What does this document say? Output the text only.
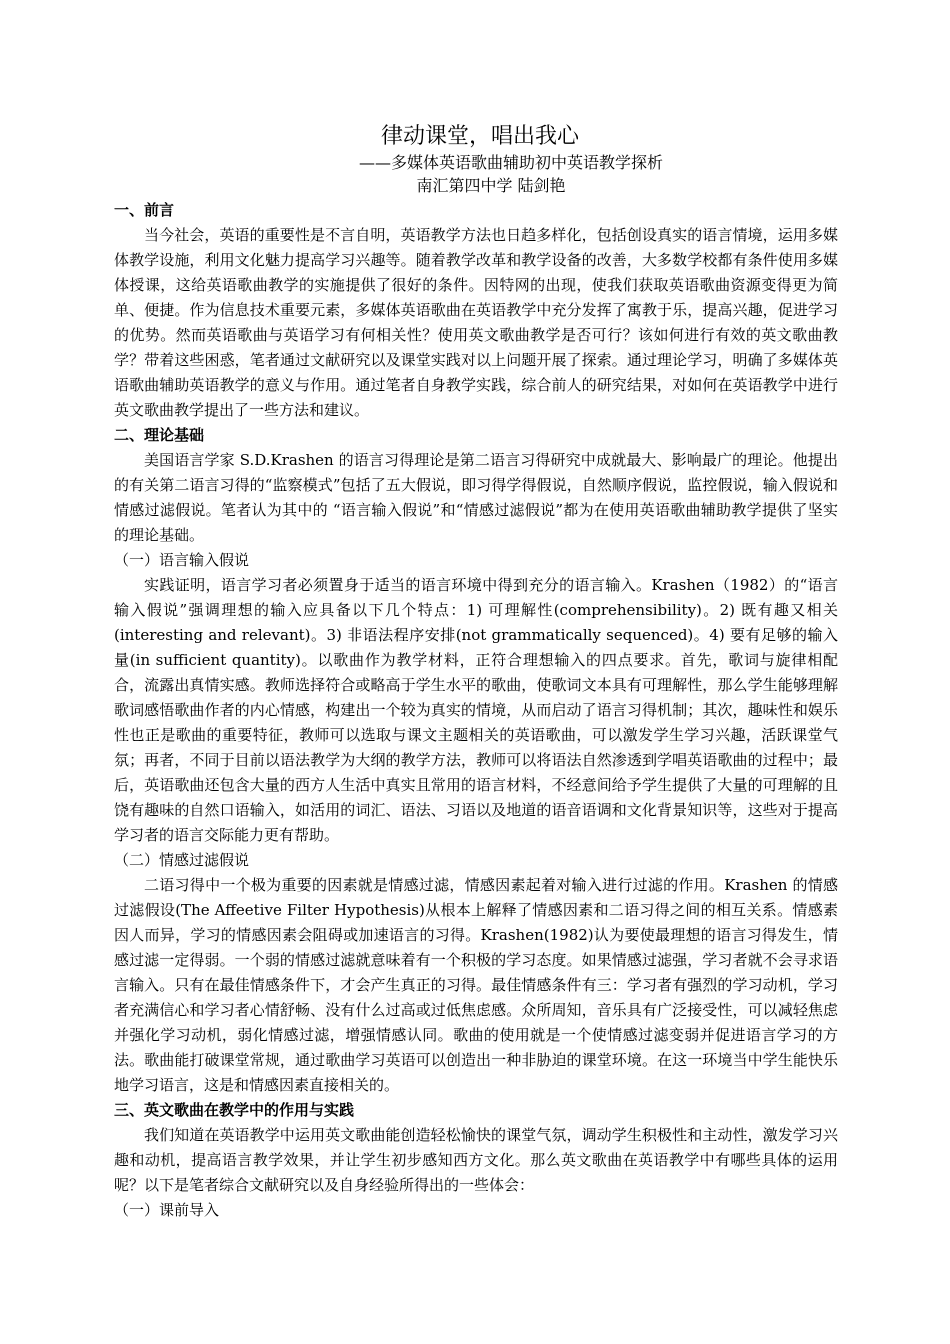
律动课堂，唱出我心

——多媒体英语歌曲辅助初中英语教学探析

南汇第四中学 陆剑艳

一、前言

当今社会，英语的重要性是不言自明，英语教学方法也日趋多样化，包括创设真实的语言情境，运用多媒体教学设施，利用文化魅力提高学习兴趣等。随着教学改革和教学设备的改善，大多数学校都有条件使用多媒体授课，这给英语歌曲教学的实施提供了很好的条件。因特网的出现，使我们获取英语歌曲资源变得更为简单、便捷。作为信息技术重要元素，多媒体英语歌曲在英语教学中充分发挥了寓教于乐，提高兴趣，促进学习的优势。然而英语歌曲与英语学习有何相关性？使用英文歌曲教学是否可行？该如何进行有效的英文歌曲教学？带着这些困惑，笔者通过文献研究以及课堂实践对以上问题开展了探索。通过理论学习，明确了多媒体英语歌曲辅助英语教学的意义与作用。通过笔者自身教学实践，综合前人的研究结果，对如何在英语教学中进行英文歌曲教学提出了一些方法和建议。

二、理论基础

美国语言学家 S.D.Krashen 的语言习得理论是第二语言习得研究中成就最大、影响最广的理论。他提出的有关第二语言习得的“监察模式”包括了五大假说，即习得学得假说，自然顺序假说，监控假说，输入假说和情感过滤假说。笔者认为其中的 “语言输入假说”和“情感过滤假说”都为在使用英语歌曲辅助教学提供了坚实的理论基础。

（一）语言输入假说

实践证明，语言学习者必须置身于适当的语言环境中得到充分的语言输入。Krashen（1982）的“语言输入假说”强调理想的输入应具备以下几个特点：1) 可理解性(comprehensibility)。2) 既有趣又相关(interesting and relevant)。3) 非语法程序安排(not grammatically sequenced)。4) 要有足够的输入量(in sufficient quantity)。以歌曲作为教学材料，正符合理想输入的四点要求。首先，歌词与旋律相配合，流露出真情实感。教师选择符合或略高于学生水平的歌曲，使歌词文本具有可理解性，那么学生能够理解歌词感悟歌曲作者的内心情感，构建出一个较为真实的情境，从而启动了语言习得机制；其次，趣味性和娱乐性也正是歌曲的重要特征，教师可以选取与课文主题相关的英语歌曲，可以激发学生学习兴趣，活跃课堂气氛；再者，不同于目前以语法教学为大纲的教学方法，教师可以将语法自然渗透到学唱英语歌曲的过程中；最后，英语歌曲还包含大量的西方人生活中真实且常用的语言材料，不经意间给予学生提供了大量的可理解的且饶有趣味的自然口语输入，如活用的词汇、语法、习语以及地道的语音语调和文化背景知识等，这些对于提高学习者的语言交际能力更有帮助。

（二）情感过滤假说

二语习得中一个极为重要的因素就是情感过滤，情感因素起着对输入进行过滤的作用。Krashen 的情感过滤假设(The Affeetive Filter Hypothesis)从根本上解释了情感因素和二语习得之间的相互关系。情感素因人而异，学习的情感因素会阻碍或加速语言的习得。Krashen(1982)认为要使最理想的语言习得发生，情感过滤一定得弱。一个弱的情感过滤就意味着有一个积极的学习态度。如果情感过滤强，学习者就不会寻求语言输入。只有在最佳情感条件下，才会产生真正的习得。最佳情感条件有三：学习者有强烈的学习动机，学习者充满信心和学习者心情舒畅、没有什么过高或过低焦虑感。众所周知，音乐具有广泛接受性，可以减轻焦虑并强化学习动机，弱化情感过滤，增强情感认同。歌曲的使用就是一个使情感过滤变弱并促进语言学习的方法。歌曲能打破课堂常规，通过歌曲学习英语可以创造出一种非胁迫的课堂环境。在这一环境当中学生能快乐地学习语言，这是和情感因素直接相关的。

三、英文歌曲在教学中的作用与实践

我们知道在英语教学中运用英文歌曲能创造轻松愉快的课堂气氛，调动学生积极性和主动性，激发学习兴趣和动机，提高语言教学效果，并让学生初步感知西方文化。那么英文歌曲在英语教学中有哪些具体的运用呢？以下是笔者综合文献研究以及自身经验所得出的一些体会：

（一）课前导入
